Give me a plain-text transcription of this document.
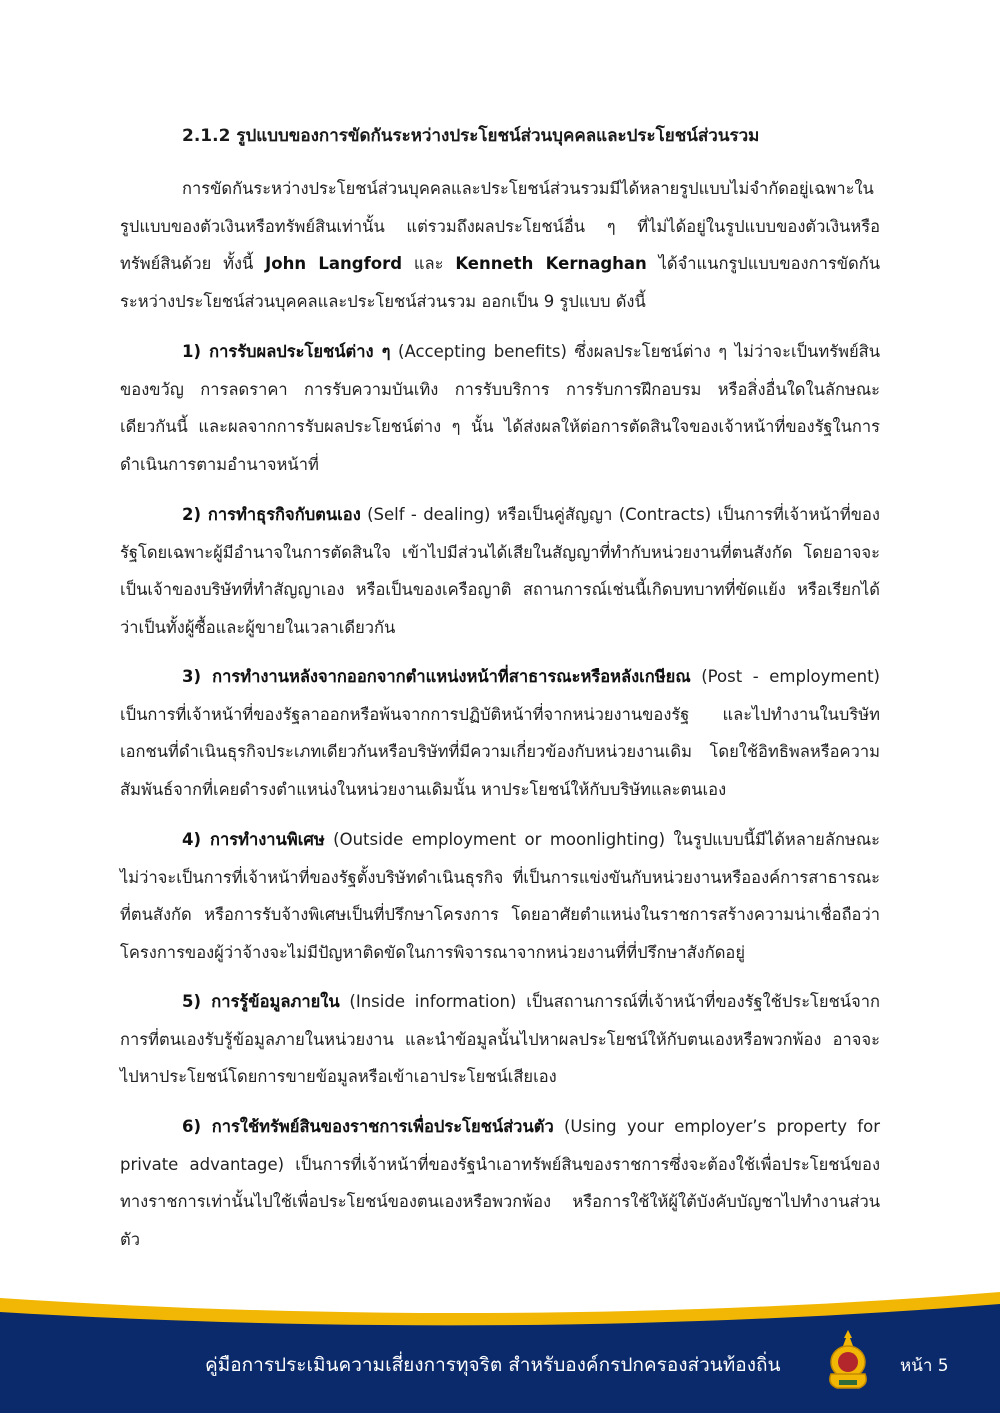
2.1.2 รูปแบบของการขัดกันระหว่างประโยชน์ส่วนบุคคลและประโยชน์ส่วนรวม
การขัดกันระหว่างประโยชน์ส่วนบุคคลและประโยชน์ส่วนรวมมีได้หลายรูปแบบไม่จำกัดอยู่เฉพาะในรูปแบบของตัวเงินหรือทรัพย์สินเท่านั้น แต่รวมถึงผลประโยชน์อื่น ๆ ที่ไม่ได้อยู่ในรูปแบบของตัวเงินหรือทรัพย์สินด้วย ทั้งนี้ John Langford และ Kenneth Kernaghan ได้จำแนกรูปแบบของการขัดกันระหว่างประโยชน์ส่วนบุคคลและประโยชน์ส่วนรวม ออกเป็น 9 รูปแบบ ดังนี้
1) การรับผลประโยชน์ต่าง ๆ (Accepting benefits) ซึ่งผลประโยชน์ต่าง ๆ ไม่ว่าจะเป็นทรัพย์สินของขวัญ การลดราคา การรับความบันเทิง การรับบริการ การรับการฝึกอบรม หรือสิ่งอื่นใดในลักษณะเดียวกันนี้ และผลจากการรับผลประโยชน์ต่าง ๆ นั้น ได้ส่งผลให้ต่อการตัดสินใจของเจ้าหน้าที่ของรัฐในการดำเนินการตามอำนาจหน้าที่
2) การทำธุรกิจกับตนเอง (Self - dealing) หรือเป็นคู่สัญญา (Contracts) เป็นการที่เจ้าหน้าที่ของรัฐโดยเฉพาะผู้มีอำนาจในการตัดสินใจ เข้าไปมีส่วนได้เสียในสัญญาที่ทำกับหน่วยงานที่ตนสังกัด โดยอาจจะเป็นเจ้าของบริษัทที่ทำสัญญาเอง หรือเป็นของเครือญาติ สถานการณ์เช่นนี้เกิดบทบาทที่ขัดแย้ง หรือเรียกได้ว่าเป็นทั้งผู้ซื้อและผู้ขายในเวลาเดียวกัน
3) การทำงานหลังจากออกจากตำแหน่งหน้าที่สาธารณะหรือหลังเกษียณ (Post - employment) เป็นการที่เจ้าหน้าที่ของรัฐลาออกหรือพ้นจากการปฏิบัติหน้าที่จากหน่วยงานของรัฐ และไปทำงานในบริษัทเอกชนที่ดำเนินธุรกิจประเภทเดียวกันหรือบริษัทที่มีความเกี่ยวข้องกับหน่วยงานเดิม โดยใช้อิทธิพลหรือความสัมพันธ์จากที่เคยดำรงตำแหน่งในหน่วยงานเดิมนั้น หาประโยชน์ให้กับบริษัทและตนเอง
4) การทำงานพิเศษ (Outside employment or moonlighting) ในรูปแบบนี้มีได้หลายลักษณะ ไม่ว่าจะเป็นการที่เจ้าหน้าที่ของรัฐตั้งบริษัทดำเนินธุรกิจ ที่เป็นการแข่งขันกับหน่วยงานหรือองค์การสาธารณะที่ตนสังกัด หรือการรับจ้างพิเศษเป็นที่ปรึกษาโครงการ โดยอาศัยตำแหน่งในราชการสร้างความน่าเชื่อถือว่าโครงการของผู้ว่าจ้างจะไม่มีปัญหาติดขัดในการพิจารณาจากหน่วยงานที่ที่ปรึกษาสังกัดอยู่
5) การรู้ข้อมูลภายใน (Inside information) เป็นสถานการณ์ที่เจ้าหน้าที่ของรัฐใช้ประโยชน์จากการที่ตนเองรับรู้ข้อมูลภายในหน่วยงาน และนำข้อมูลนั้นไปหาผลประโยชน์ให้กับตนเองหรือพวกพ้อง อาจจะไปหาประโยชน์โดยการขายข้อมูลหรือเข้าเอาประโยชน์เสียเอง
6) การใช้ทรัพย์สินของราชการเพื่อประโยชน์ส่วนตัว (Using your employer’s property for private advantage) เป็นการที่เจ้าหน้าที่ของรัฐนำเอาทรัพย์สินของราชการซึ่งจะต้องใช้เพื่อประโยชน์ของทางราชการเท่านั้นไปใช้เพื่อประโยชน์ของตนเองหรือพวกพ้อง หรือการใช้ให้ผู้ใต้บังคับบัญชาไปทำงานส่วนตัว
คู่มือการประเมินความเสี่ยงการทุจริต สำหรับองค์กรปกครองส่วนท้องถิ่น	หน้า 5
